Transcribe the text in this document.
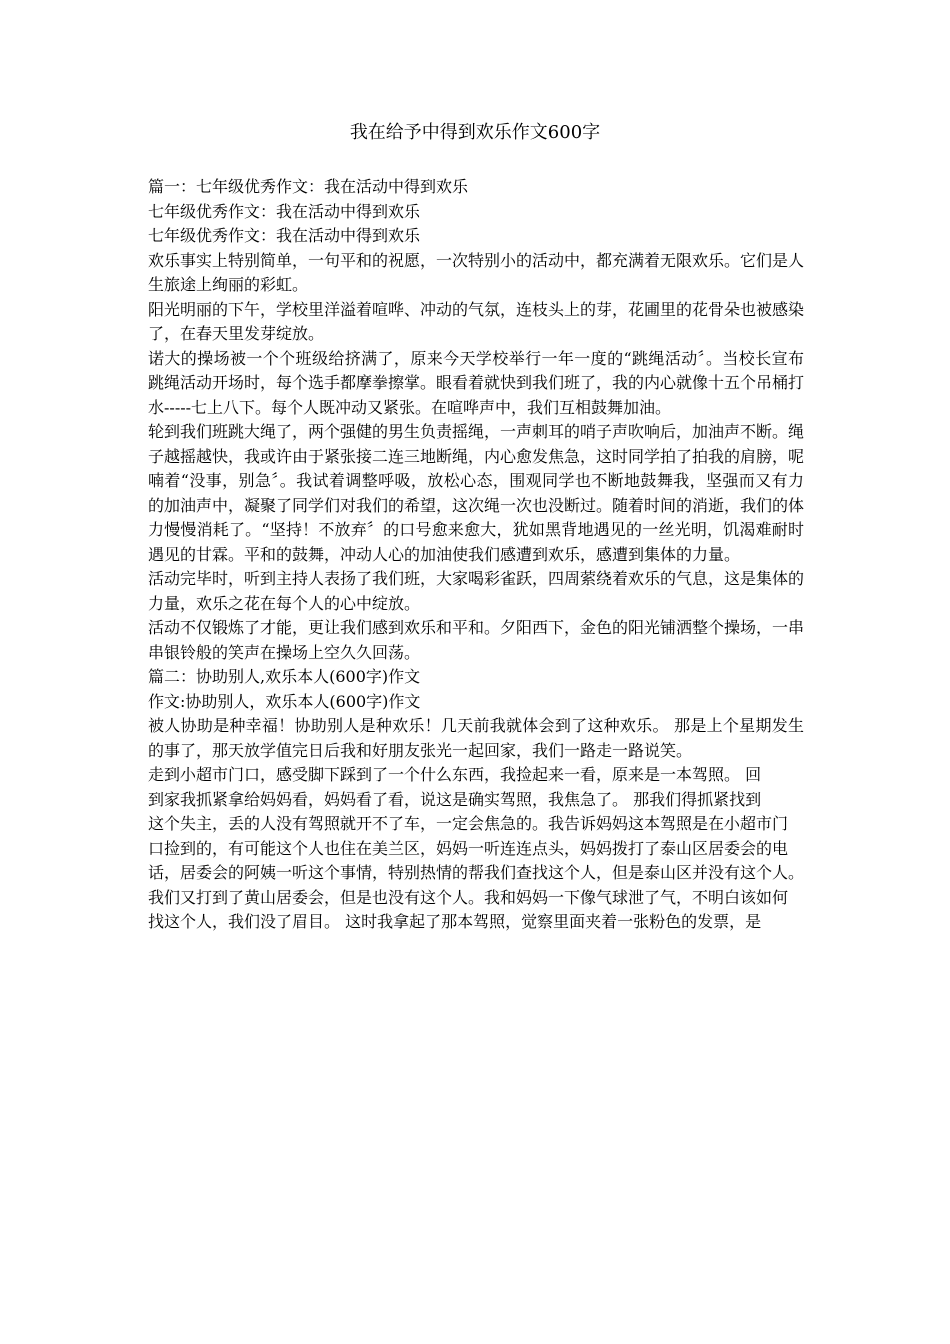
我在给予中得到欢乐作文600字

篇一：七年级优秀作文：我在活动中得到欢乐

七年级优秀作文：我在活动中得到欢乐

七年级优秀作文：我在活动中得到欢乐

欢乐事实上特别简单，一句平和的祝愿，一次特别小的活动中，都充满着无限欢乐。它们是人生旅途上绚丽的彩虹。

阳光明丽的下午，学校里洋溢着喧哗、冲动的气氛，连枝头上的芽，花圃里的花骨朵也被感染了，在春天里发芽绽放。

诺大的操场被一个个班级给挤满了，原来今天学校举行一年一度的“跳绳活动〞。当校长宣布跳绳活动开场时，每个选手都摩拳擦掌。眼看着就快到我们班了，我的内心就像十五个吊桶打水-----七上八下。每个人既冲动又紧张。在喧哗声中，我们互相鼓舞加油。

轮到我们班跳大绳了，两个强健的男生负责摇绳，一声刺耳的哨子声吹响后，加油声不断。绳子越摇越快，我或许由于紧张接二连三地断绳，内心愈发焦急，这时同学拍了拍我的肩膀，呢喃着“没事，别急〞。我试着调整呼吸，放松心态，围观同学也不断地鼓舞我，坚强而又有力的加油声中，凝聚了同学们对我们的希望，这次绳一次也没断过。随着时间的消逝，我们的体力慢慢消耗了。“坚持！不放弃〞的口号愈来愈大，犹如黑背地遇见的一丝光明，饥渴难耐时遇见的甘霖。平和的鼓舞，冲动人心的加油使我们感遭到欢乐，感遭到集体的力量。

活动完毕时，听到主持人表扬了我们班，大家喝彩雀跃，四周萦绕着欢乐的气息，这是集体的力量，欢乐之花在每个人的心中绽放。

活动不仅锻炼了才能，更让我们感到欢乐和平和。夕阳西下，金色的阳光铺洒整个操场，一串串银铃般的笑声在操场上空久久回荡。

篇二：协助别人,欢乐本人(600字)作文

作文:协助别人，欢乐本人(600字)作文

被人协助是种幸福！协助别人是种欢乐！几天前我就体会到了这种欢乐。 那是上个星期发生的事了，那天放学值完日后我和好朋友张光一起回家，我们一路走一路说笑。

走到小超市门口，感受脚下踩到了一个什么东西，我捡起来一看，原来是一本驾照。 回

到家我抓紧拿给妈妈看，妈妈看了看，说这是确实驾照，我焦急了。 那我们得抓紧找到

这个失主，丢的人没有驾照就开不了车，一定会焦急的。我告诉妈妈这本驾照是在小超市门

口捡到的，有可能这个人也住在美兰区，妈妈一听连连点头，妈妈拨打了泰山区居委会的电

话，居委会的阿姨一听这个事情，特别热情的帮我们查找这个人，但是泰山区并没有这个人。

我们又打到了黄山居委会，但是也没有这个人。我和妈妈一下像气球泄了气，不明白该如何

找这个人，我们没了眉目。 这时我拿起了那本驾照，觉察里面夹着一张粉色的发票，是
